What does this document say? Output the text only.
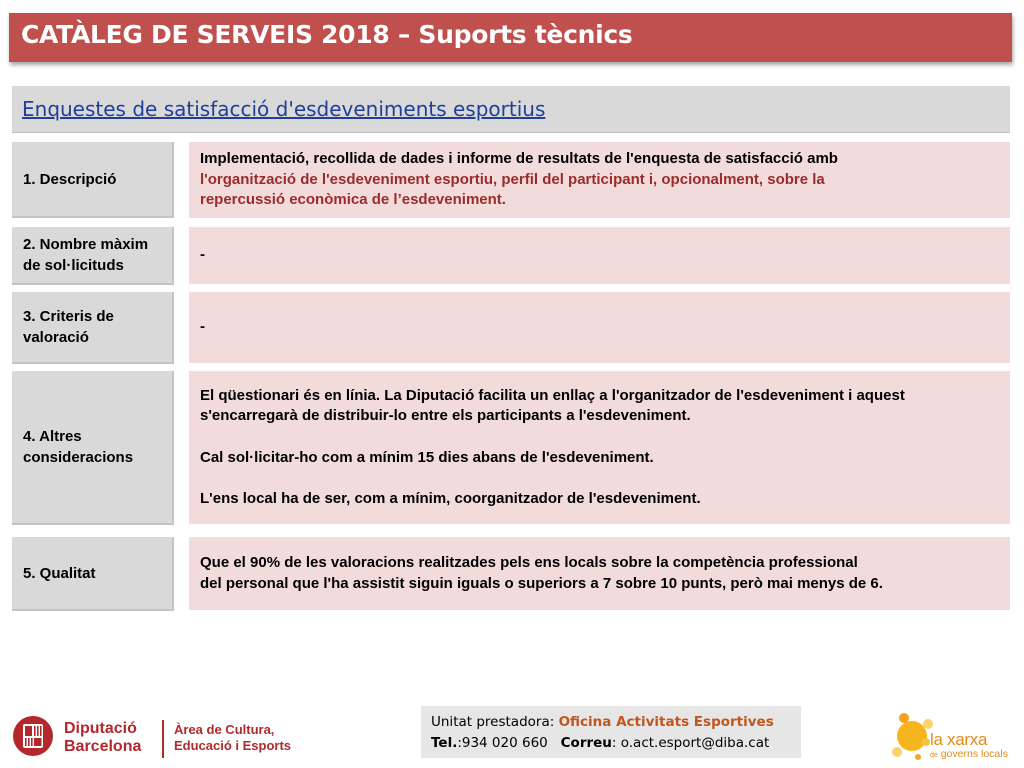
CATÀLEG DE SERVEIS 2018 – Suports tècnics
Enquestes de satisfacció d'esdeveniments esportius
1. Descripció

Implementació, recollida de dades i informe de resultats de l'enquesta de satisfacció amb

l'organització de l'esdeveniment esportiu, perfil del participant i, opcionalment, sobre la

repercussió econòmica de l’esdeveniment.

2. Nombre màxim de sol·licituds

-

3. Criteris de valoració

-

4. Altres consideracions

El qüestionari és en línia. La Diputació facilita un enllaç a l'organitzador de l'esdeveniment i aquest

s'encarregarà de distribuir-lo entre els participants a l'esdeveniment.

Cal sol·licitar-ho com a mínim 15 dies abans de l'esdeveniment.

L'ens local ha de ser, com a mínim, coorganitzador de l'esdeveniment.

5. Qualitat

Que el 90% de les valoracions realitzades pels ens locals sobre la competència professional

del personal que l'ha assistit siguin iguals o superiors a 7 sobre 10 punts, però mai menys de 6.

Diputació
Barcelona
Àrea de Cultura,
Educació i Esports
Unitat prestadora: Oficina Activitats Esportives
Tel.:934 020 660 Correu: o.act.esport@diba.cat	la xarxa
de governs locals
